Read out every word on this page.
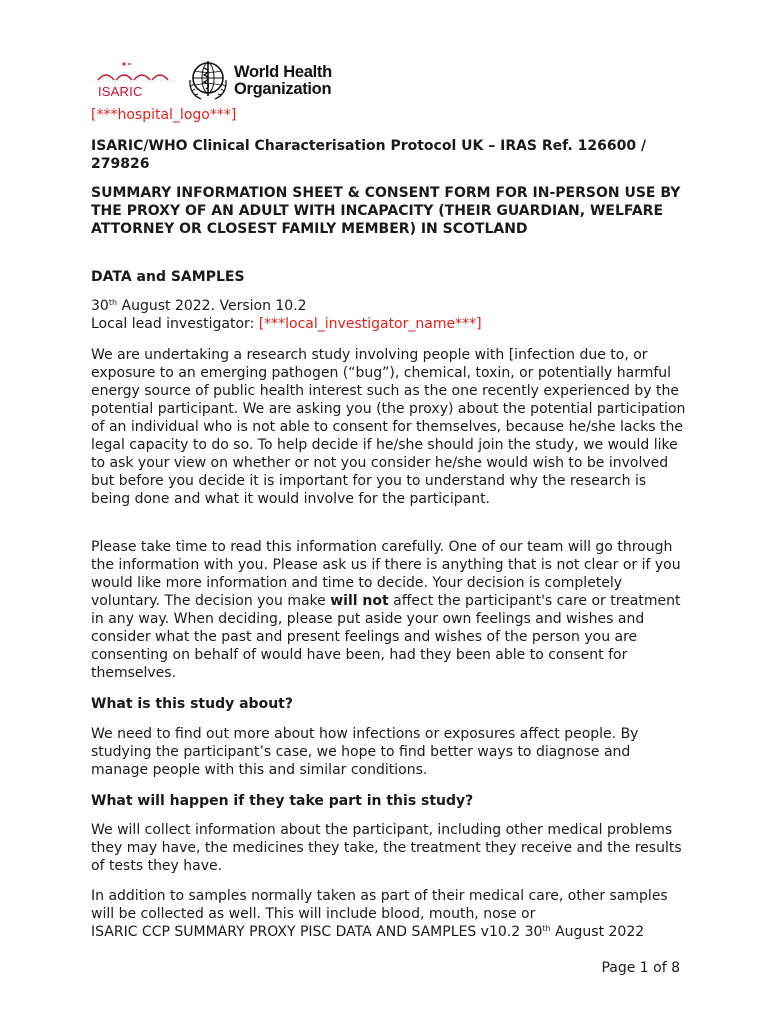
ISARIC
World Health
Organization
[***hospital_logo***]

ISARIC/WHO Clinical Characterisation Protocol UK – IRAS Ref. 126600 / 279826

SUMMARY INFORMATION SHEET & CONSENT FORM FOR IN-PERSON USE BY THE PROXY OF AN ADULT WITH INCAPACITY (THEIR GUARDIAN, WELFARE ATTORNEY OR CLOSEST FAMILY MEMBER) IN SCOTLAND

DATA and SAMPLES

30th August 2022. Version 10.2
Local lead investigator: [***local_investigator_name***]

We are undertaking a research study involving people with [infection due to, or exposure to an emerging pathogen (“bug”), chemical, toxin, or potentially harmful energy source of public health interest such as the one recently experienced by the potential participant. We are asking you (the proxy) about the potential participation of an individual who is not able to consent for themselves, because he/she lacks the legal capacity to do so. To help decide if he/she should join the study, we would like to ask your view on whether or not you consider he/she would wish to be involved but before you decide it is important for you to understand why the research is being done and what it would involve for the participant.

Please take time to read this information carefully. One of our team will go through the information with you. Please ask us if there is anything that is not clear or if you would like more information and time to decide. Your decision is completely voluntary. The decision you make will not affect the participant's care or treatment in any way. When deciding, please put aside your own feelings and wishes and consider what the past and present feelings and wishes of the person you are consenting on behalf of would have been, had they been able to consent for themselves.

What is this study about?

We need to find out more about how infections or exposures affect people. By studying the participant’s case, we hope to find better ways to diagnose and manage people with this and similar conditions.

What will happen if they take part in this study?

We will collect information about the participant, including other medical problems they may have, the medicines they take, the treatment they receive and the results of tests they have.

In addition to samples normally taken as part of their medical care, other samples will be collected as well. This will include blood, mouth, nose or

ISARIC CCP SUMMARY PROXY PISC DATA AND SAMPLES v10.2 30th August 2022
Page 1 of 8
